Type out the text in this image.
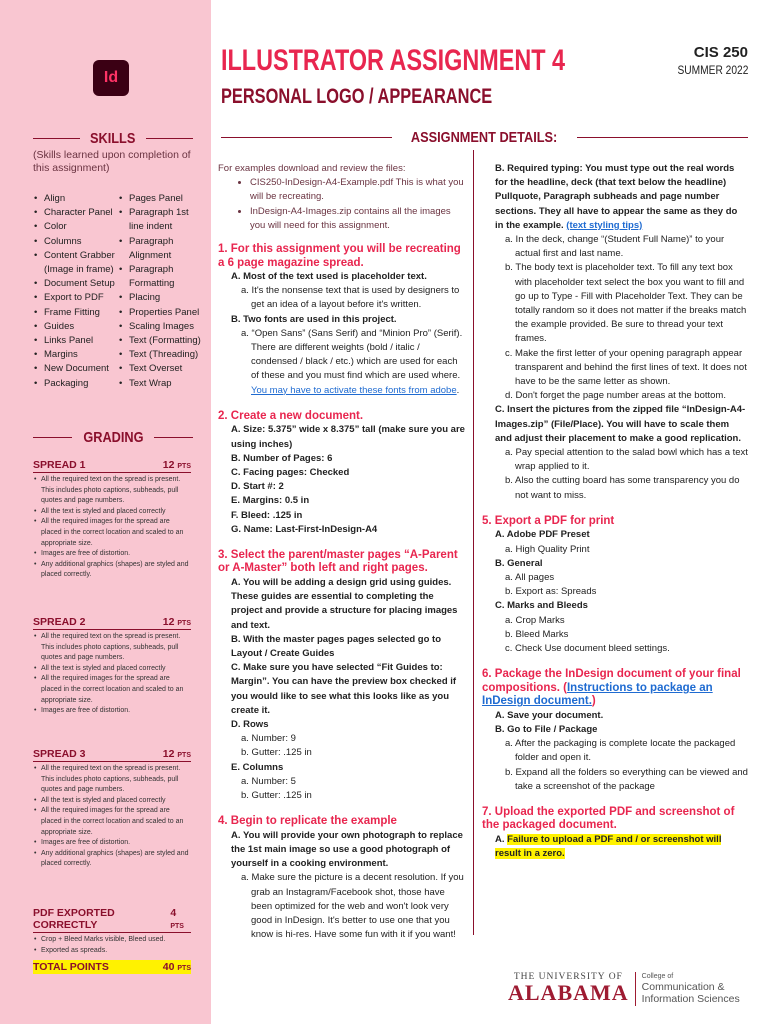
Id
ILLUSTRATOR ASSIGNMENT 4
PERSONAL LOGO / APPEARANCE
CIS 250
SUMMER 2022
SKILLS
(Skills learned upon completion of this assignment)
• Align
• Character Panel
• Color
• Columns
• Content Grabber (Image in frame)
• Document Setup
• Export to PDF
• Frame Fitting
• Guides
• Links Panel
• Margins
• New Document
• Packaging
• Pages Panel
• Paragraph 1st line indent
• Paragraph Alignment
• Paragraph Formatting
• Placing
• Properties Panel
• Scaling Images
• Text (Formatting)
• Text (Threading)
• Text Overset
• Text Wrap
GRADING
SPREAD 1	12 PTS
• All the required text on the spread is present. This includes photo captions, subheads, pull quotes and page numbers.
• All the text is styled and placed correctly
• All the required images for the spread are placed in the correct location and scaled to an appropriate size.
• Images are free of distortion.
• Any additional graphics (shapes) are styled and placed correctly.
SPREAD 2	12 PTS
• All the required text on the spread is present. This includes photo captions, subheads, pull quotes and page numbers.
• All the text is styled and placed correctly
• All the required images for the spread are placed in the correct location and scaled to an appropriate size.
• Images are free of distortion.
SPREAD 3	12 PTS
• All the required text on the spread is present. This includes photo captions, subheads, pull quotes and page numbers.
• All the text is styled and placed correctly
• All the required images for the spread are placed in the correct location and scaled to an appropriate size.
• Images are free of distortion.
• Any additional graphics (shapes) are styled and placed correctly.
PDF EXPORTED CORRECTLY
4 PTS
• Crop + Bleed Marks visible, Bleed used.
• Exported as spreads.
TOTAL POINTS	40 PTS
ASSIGNMENT DETAILS:

For examples download and review the files:

• CIS250-InDesign-A4-Example.pdf This is what you will be recreating.
• InDesign-A4-Images.zip contains all the images you will need for this assignment.

1. For this assignment you will be recreating a 6 page magazine spread.

A. Most of the text used is placeholder text.

a. It's the nonsense text that is used by designers to get an idea of a layout before it's written.

B. Two fonts are used in this project.

a. “Open Sans” (Sans Serif) and “Minion Pro” (Serif). There are different weights (bold / italic / condensed / black / etc.) which are used for each of these and you must find which are used where. You may have to activate these fonts from adobe.

2. Create a new document.

A. Size: 5.375” wide x 8.375” tall (make sure you are using inches)

B. Number of Pages: 6

C. Facing pages: Checked

D. Start #: 2

E. Margins: 0.5 in

F. Bleed: .125 in

G. Name: Last-First-InDesign-A4

3. Select the parent/master pages “A-Parent or A-Master” both left and right pages.

A. You will be adding a design grid using guides. These guides are essential to completing the project and provide a structure for placing images and text.

B. With the master pages pages selected go to Layout / Create Guides

C. Make sure you have selected “Fit Guides to: Margin”. You can have the preview box checked if you would like to see what this looks like as you create it.

D. Rows

a. Number: 9

b. Gutter: .125 in

E. Columns

a. Number: 5

b. Gutter: .125 in

4. Begin to replicate the example

A. You will provide your own photograph to replace the 1st main image so use a good photograph of yourself in a cooking environment.

a. Make sure the picture is a decent resolution. If you grab an Instagram/Facebook shot, those have been optimized for the web and won't look very good in InDesign. It's better to use one that you know is hi-res. Have some fun with it if you want!

B. Required typing: You must type out the real words for the headline, deck (that text below the headline) Pullquote, Paragraph subheads and page number sections. They all have to appear the same as they do in the example. (text styling tips)

a. In the deck, change “(Student Full Name)” to your actual first and last name.

b. The body text is placeholder text. To fill any text box with placeholder text select the box you want to fill and go up to Type - Fill with Placeholder Text. They can be totally random so it does not matter if the breaks match the example provided. Be sure to thread your text frames.

c. Make the first letter of your opening paragraph appear transparent and behind the first lines of text. It does not have to be the same letter as shown.

d. Don't forget the page number areas at the bottom.

C. Insert the pictures from the zipped file “InDesign-A4-Images.zip” (File/Place). You will have to scale them and adjust their placement to make a good replication.

a. Pay special attention to the salad bowl which has a text wrap applied to it.

b. Also the cutting board has some transparency you do not want to miss.

5. Export a PDF for print

A. Adobe PDF Preset

a. High Quality Print

B. General

a. All pages

b. Export as: Spreads

C. Marks and Bleeds

a. Crop Marks

b. Bleed Marks

c. Check Use document bleed settings.

6. Package the InDesign document of your final compositions. (Instructions to package an InDesign document.)

A. Save your document.

B. Go to File / Package

a. After the packaging is complete locate the packaged folder and open it.

b. Expand all the folders so everything can be viewed and take a screenshot of the package

7. Upload the exported PDF and screenshot of the packaged document.

A. Failure to upload a PDF and / or screenshot will result in a zero.

THE UNIVERSITY OF
ALABAMA
College of
Communication &
Information Sciences
